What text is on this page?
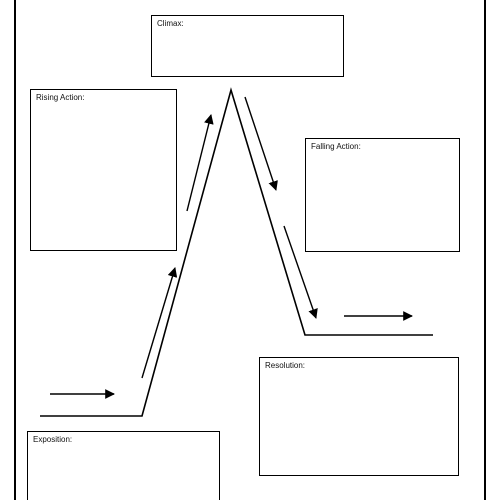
Climax:
Rising Action:
Falling Action:
Resolution:
Exposition:
